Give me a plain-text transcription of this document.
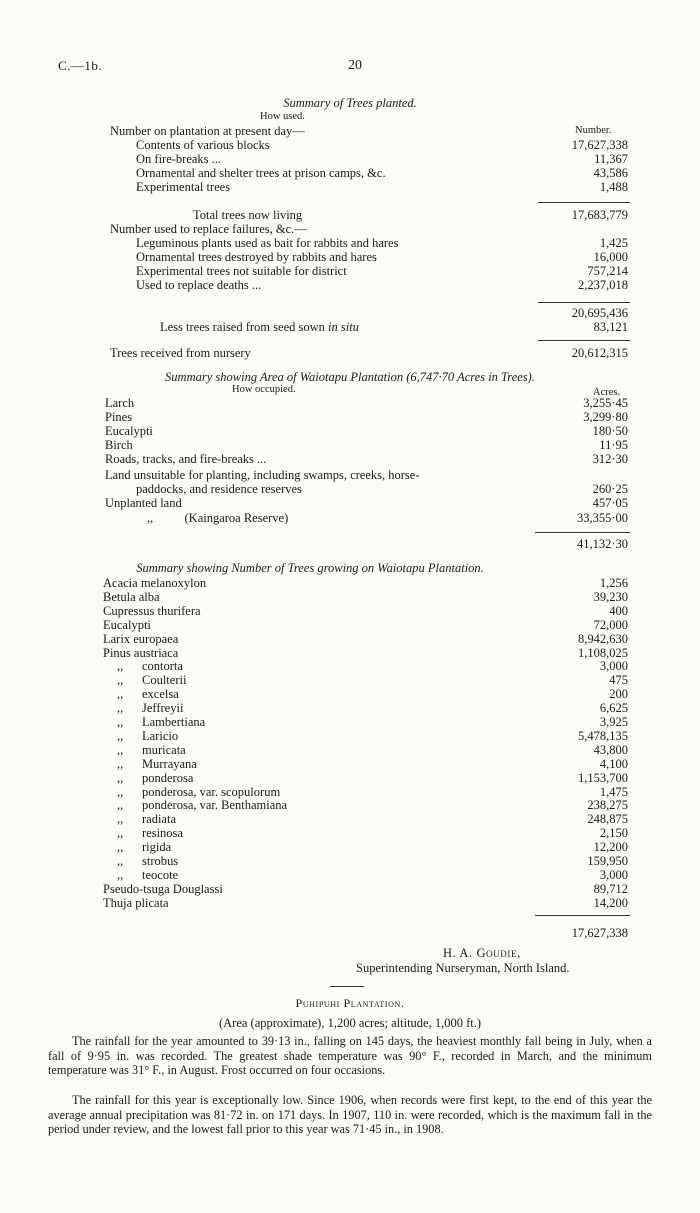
C.—1b.	20
Summary of Trees planted.
How used.
Number.
Number on plantation at present day—
Contents of various blocks	17,627,338
On fire-breaks ...	11,367
Ornamental and shelter trees at prison camps, &c.	43,586
Experimental trees	1,488
Total trees now living	17,683,779
Number used to replace failures, &c.—
Leguminous plants used as bait for rabbits and hares	1,425
Ornamental trees destroyed by rabbits and hares	16,000
Experimental trees not suitable for district	757,214
Used to replace deaths ...	2,237,018
20,695,436
Less trees raised from seed sown in situ	83,121
Trees received from nursery	20,612,315
Summary showing Area of Waiotapu Plantation (6,747·70 Acres in Trees).
How occupied.	Acres.
Larch	3,255·45
Pines	3,299·80
Eucalypti	180·50
Birch	11·95
Roads, tracks, and fire-breaks ...	312·30
Land unsuitable for planting, including swamps, creeks, horse-
paddocks, and residence reserves	260·25
Unplanted land	457·05
,,          (Kaingaroa Reserve)	33,355·00
41,132·30
Summary showing Number of Trees growing on Waiotapu Plantation.
Acacia melanoxylon	1,256
Betula alba	39,230
Cupressus thurifera	400
Eucalypti	72,000
Larix europaea	8,942,630
Pinus austriaca	1,108,025
,,      contorta	3,000
,,      Coulterii	475
,,      excelsa	200
,,      Jeffreyii	6,625
,,      Lambertiana	3,925
,,      Laricio	5,478,135
,,      muricata	43,800
,,      Murrayana	4,100
,,      ponderosa	1,153,700
,,      ponderosa, var. scopulorum	1,475
,,      ponderosa, var. Benthamiana	238,275
,,      radiata	248,875
,,      resinosa	2,150
,,      rigida	12,200
,,      strobus	159,950
,,      teocote	3,000
Pseudo-tsuga Douglassi	89,712
Thuja plicata	14,200
17,627,338
H. A. Goudie,
Superintending Nurseryman, North Island.
Puhipuhi Plantation.
(Area (approximate), 1,200 acres; altitude, 1,000 ft.)
The rainfall for the year amounted to 39·13 in., falling on 145 days, the heaviest monthly fall being in July, when a fall of 9·95 in. was recorded. The greatest shade temperature was 90° F., recorded in March, and the minimum temperature was 31° F., in August. Frost occurred on four occasions.
The rainfall for this year is exceptionally low. Since 1906, when records were first kept, to the end of this year the average annual precipitation was 81·72 in. on 171 days. In 1907, 110 in. were recorded, which is the maximum fall in the period under review, and the lowest fall prior to this year was 71·45 in., in 1908.
